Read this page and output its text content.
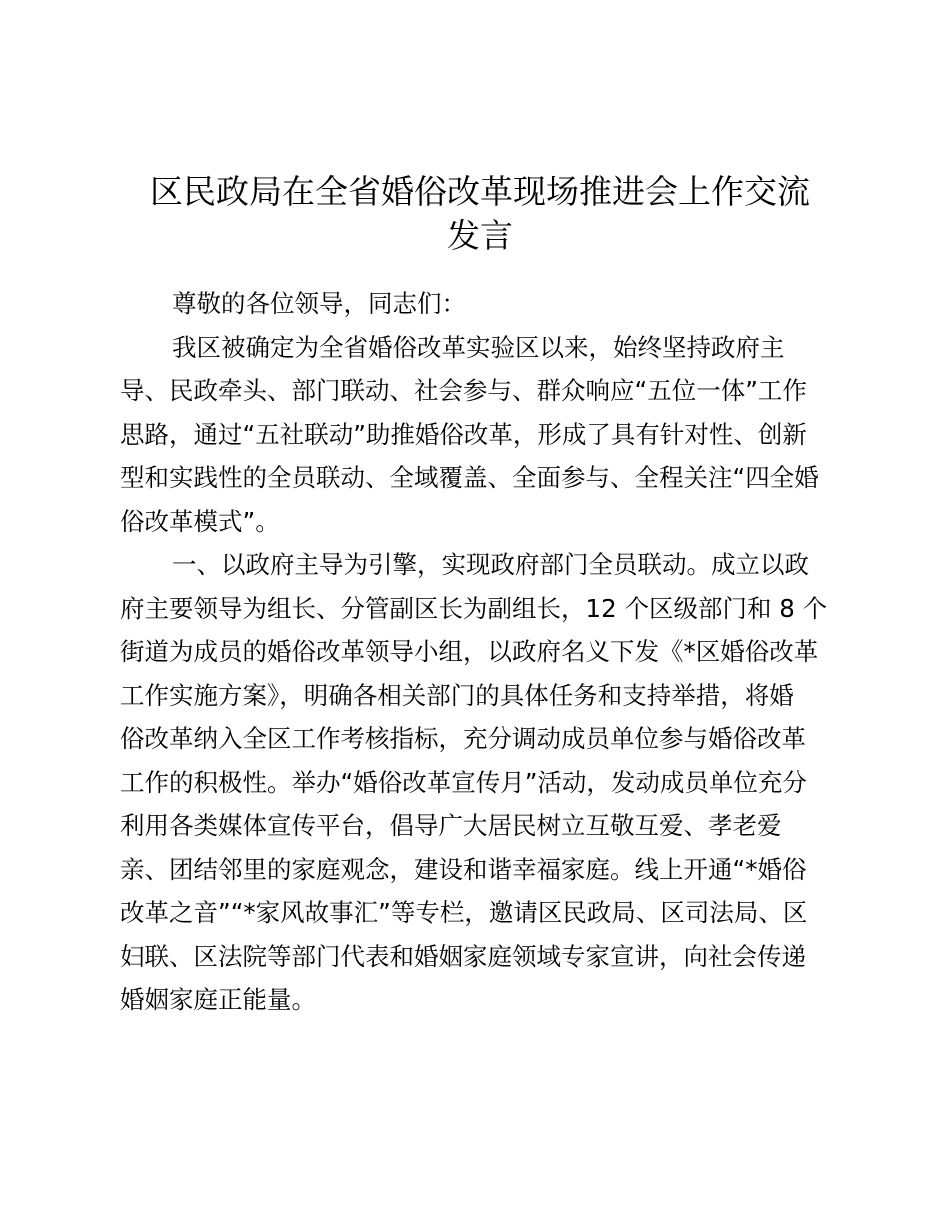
区民政局在全省婚俗改革现场推进会上作交流
发言
尊敬的各位领导，同志们：
我区被确定为全省婚俗改革实验区以来，始终坚持政府主
导、民政牵头、部门联动、社会参与、群众响应“五位一体”工作
思路，通过“五社联动”助推婚俗改革，形成了具有针对性、创新
型和实践性的全员联动、全域覆盖、全面参与、全程关注“四全婚
俗改革模式”。
一、以政府主导为引擎，实现政府部门全员联动。成立以政
府主要领导为组长、分管副区长为副组长，12 个区级部门和 8 个
街道为成员的婚俗改革领导小组，以政府名义下发《*区婚俗改革
工作实施方案》，明确各相关部门的具体任务和支持举措，将婚
俗改革纳入全区工作考核指标，充分调动成员单位参与婚俗改革
工作的积极性。举办“婚俗改革宣传月”活动，发动成员单位充分
利用各类媒体宣传平台，倡导广大居民树立互敬互爱、孝老爱
亲、团结邻里的家庭观念，建设和谐幸福家庭。线上开通“*婚俗
改革之音”“*家风故事汇”等专栏，邀请区民政局、区司法局、区
妇联、区法院等部门代表和婚姻家庭领域专家宣讲，向社会传递
婚姻家庭正能量。
